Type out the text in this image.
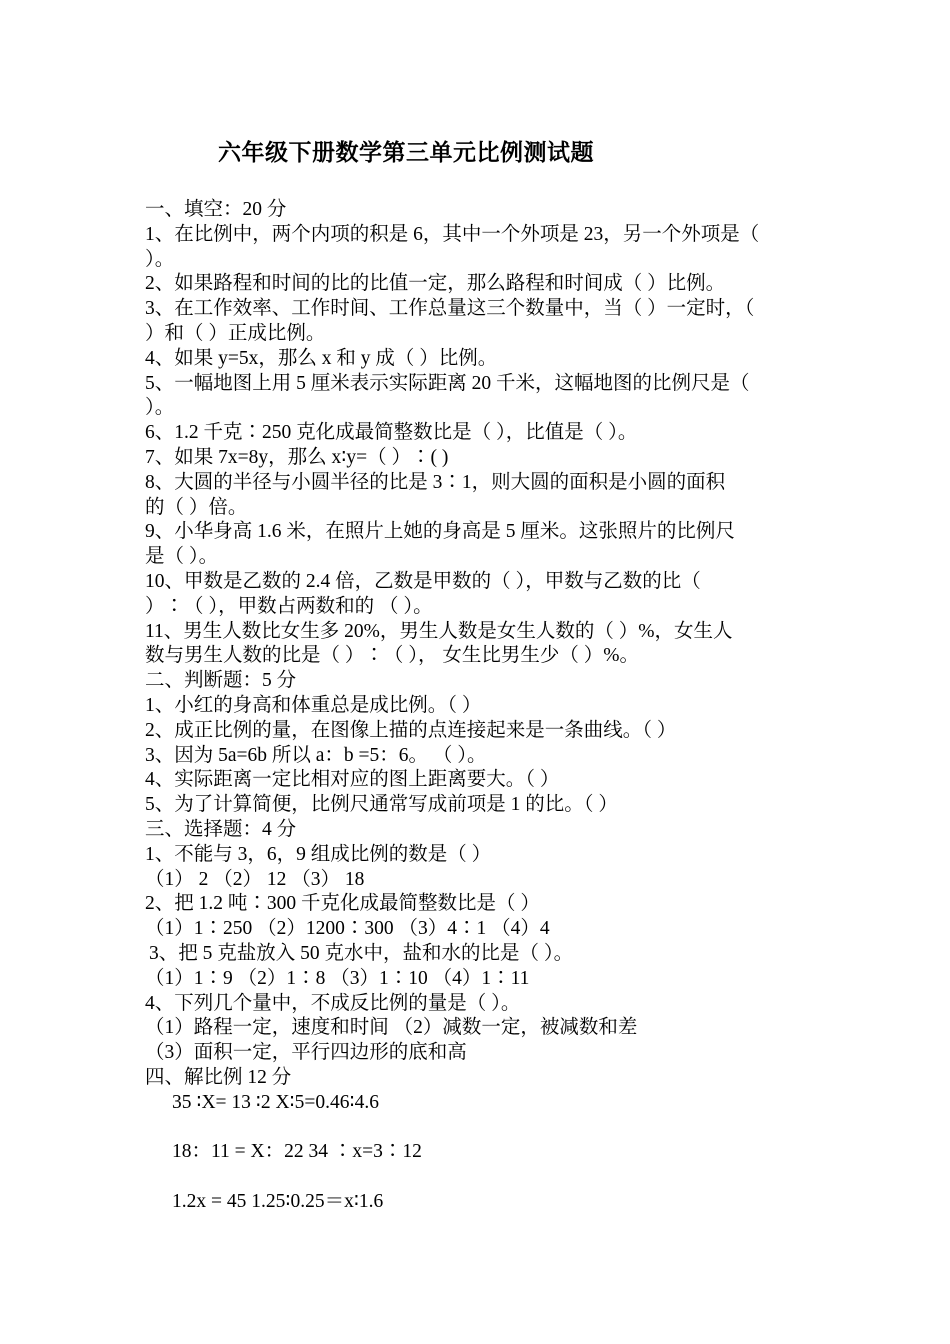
六年级下册数学第三单元比例测试题
一、填空：20 分
1、在比例中，两个内项的积是 6，其中一个外项是 23，另一个外项是（
）。
2、如果路程和时间的比的比值一定，那么路程和时间成（ ）比例。
3、在工作效率、工作时间、工作总量这三个数量中，当（ ）一定时，（
）和（ ）正成比例。
4、如果 y=5x，那么 x 和 y 成（ ）比例。
5、一幅地图上用 5 厘米表示实际距离 20 千米，这幅地图的比例尺是（
）。
6、1.2 千克∶250 克化成最简整数比是（ ），比值是（ ）。
7、如果 7x=8y，那么 x∶y=（ ）∶( )
8、大圆的半径与小圆半径的比是 3∶1，则大圆的面积是小圆的面积
的（ ）倍。
9、小华身高 1.6 米，在照片上她的身高是 5 厘米。这张照片的比例尺
是（ ）。
10、甲数是乙数的 2.4 倍，乙数是甲数的（ ），甲数与乙数的比（
）∶（ ），甲数占两数和的 （ ）。
11、男生人数比女生多 20%，男生人数是女生人数的（ ）%，女生人
数与男生人数的比是（ ）∶（ ）， 女生比男生少（ ）%。
二、判断题：5 分
1、小红的身高和体重总是成比例。（ ）
2、成正比例的量，在图像上描的点连接起来是一条曲线。（ ）
3、因为 5a=6b 所以 a：b =5：6。 （ ）。
4、实际距离一定比相对应的图上距离要大。（ ）
5、为了计算简便，比例尺通常写成前项是 1 的比。（ ）
三、选择题：4 分
1、不能与 3，6，9 组成比例的数是（ ）
（1） 2 （2） 12 （3） 18
2、把 1.2 吨∶300 千克化成最简整数比是（ ）
（1）1∶250 （2）1200∶300 （3）4∶1 （4）4
3、把 5 克盐放入 50 克水中，盐和水的比是（ ）。
（1）1∶9 （2）1∶8 （3）1∶10 （4）1∶11
4、下列几个量中，不成反比例的量是（ ）。
（1）路程一定，速度和时间 （2）减数一定，被减数和差
（3）面积一定，平行四边形的底和高
四、解比例 12 分
35 ∶X= 13 ∶2 X∶5=0.46∶4.6
18：11 = X：22 34 ∶x=3∶12
1.2x = 45 1.25∶0.25＝x∶1.6
